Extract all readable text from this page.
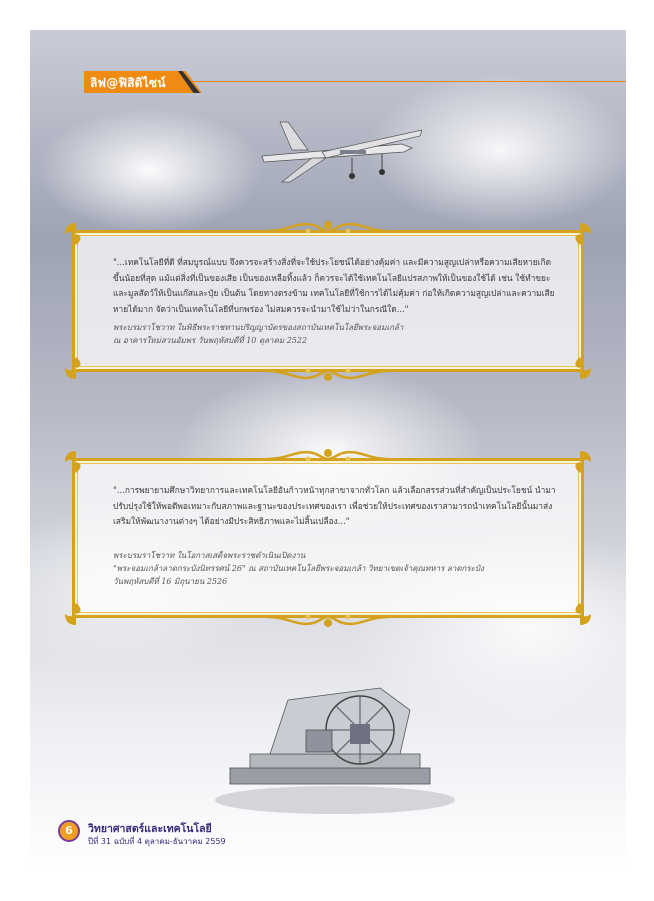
ลิฟ@ฟิสิดิไซน์
"...เทคโนโลยีที่ดี ที่สมบูรณ์แบบ จึงควรจะสร้างสิ่งที่จะใช้ประโยชน์ได้อย่างคุ้มค่า และมีความสูญเปล่าหรือความเสียหายเกิดขึ้นน้อยที่สุด แม้แต่สิ่งที่เป็นของเสีย เป็นของเหลือทิ้งแล้ว ก็ควรจะได้ใช้เทคโนโลยีแปรสภาพให้เป็นของใช้ได้ เช่น ใช้ทำขยะและมูลสัตว์ให้เป็นแก๊สและปุ๋ย เป็นต้น โดยทางตรงข้าม เทคโนโลยีที่ใช้การได้ไม่คุ้มค่า ก่อให้เกิดความสูญเปล่าและความเสียหายได้มาก จัดว่าเป็นเทคโนโลยีที่บกพร่อง ไม่สมควรจะนำมาใช้ไม่ว่าในกรณีใด..."
พระบรมราโชวาท ในพิธีพระราชทานปริญญาบัตรของสถาบันเทคโนโลยีพระจอมเกล้า
ณ อาคารใหม่สวนอัมพร วันพฤหัสบดีที่ 10 ตุลาคม 2522
"...การพยายามศึกษาวิทยาการและเทคโนโลยีอันก้าวหน้าทุกสาขาจากทั่วโลก แล้วเลือกสรรส่วนที่สำคัญเป็นประโยชน์ นำมาปรับปรุงใช้ให้พอดีพอเหมาะกับสภาพและฐานะของประเทศของเรา เพื่อช่วยให้ประเทศของเราสามารถนำเทคโนโลยีนั้นมาส่งเสริมให้พัฒนางานต่างๆ ได้อย่างมีประสิทธิภาพและไม่สิ้นเปลือง..."
พระบรมราโชวาท ในโอกาสเสด็จพระราชดำเนินเปิดงาน
"พระจอมเกล้าลาดกระบังนิทรรศน์ 26" ณ สถาบันเทคโนโลยีพระจอมเกล้า วิทยาเขตเจ้าคุณทหาร ลาดกระบัง
วันพฤหัสบดีที่ 16 มิถุนายน 2526
6	วิทยาศาสตร์และเทคโนโลยี
ปีที่ 31 ฉบับที่ 4 ตุลาคม-ธันวาคม 2559
